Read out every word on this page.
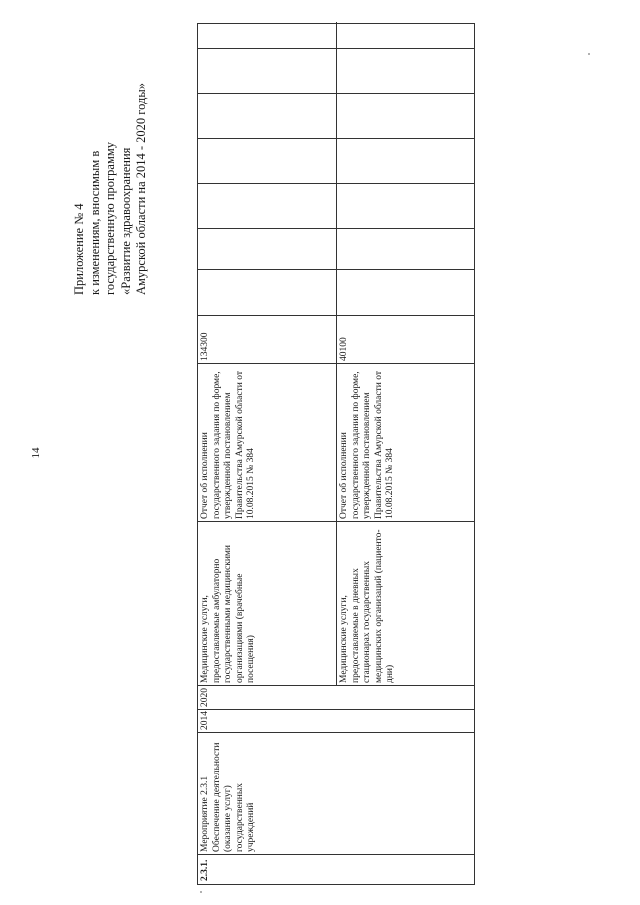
14
Приложение № 4 к изменениям, вносимым в государственную программу «Развитие здравоохранения Амурской области на 2014 - 2020 годы»
2.3.1.
Мероприятие 2.3.1 Обеспечение деятельности (оказание услуг) государственных учреждений
2014
2020
Медицинские услуги, предоставляемые амбулаторно государственными медицинскими организациями (врачебные посещения)
Отчет об исполнении государственного задания по форме, утвержденной постановлением Правительства Амурской области от 10.08.2015 № 384
134300
Медицинские услуги, предоставляемые в дневных стационарах государственных медицинских организаций (пациенто-дни)
Отчет об исполнении государственного задания по форме, утвержденной постановлением Правительства Амурской области от 10.08.2015 № 384
40100
